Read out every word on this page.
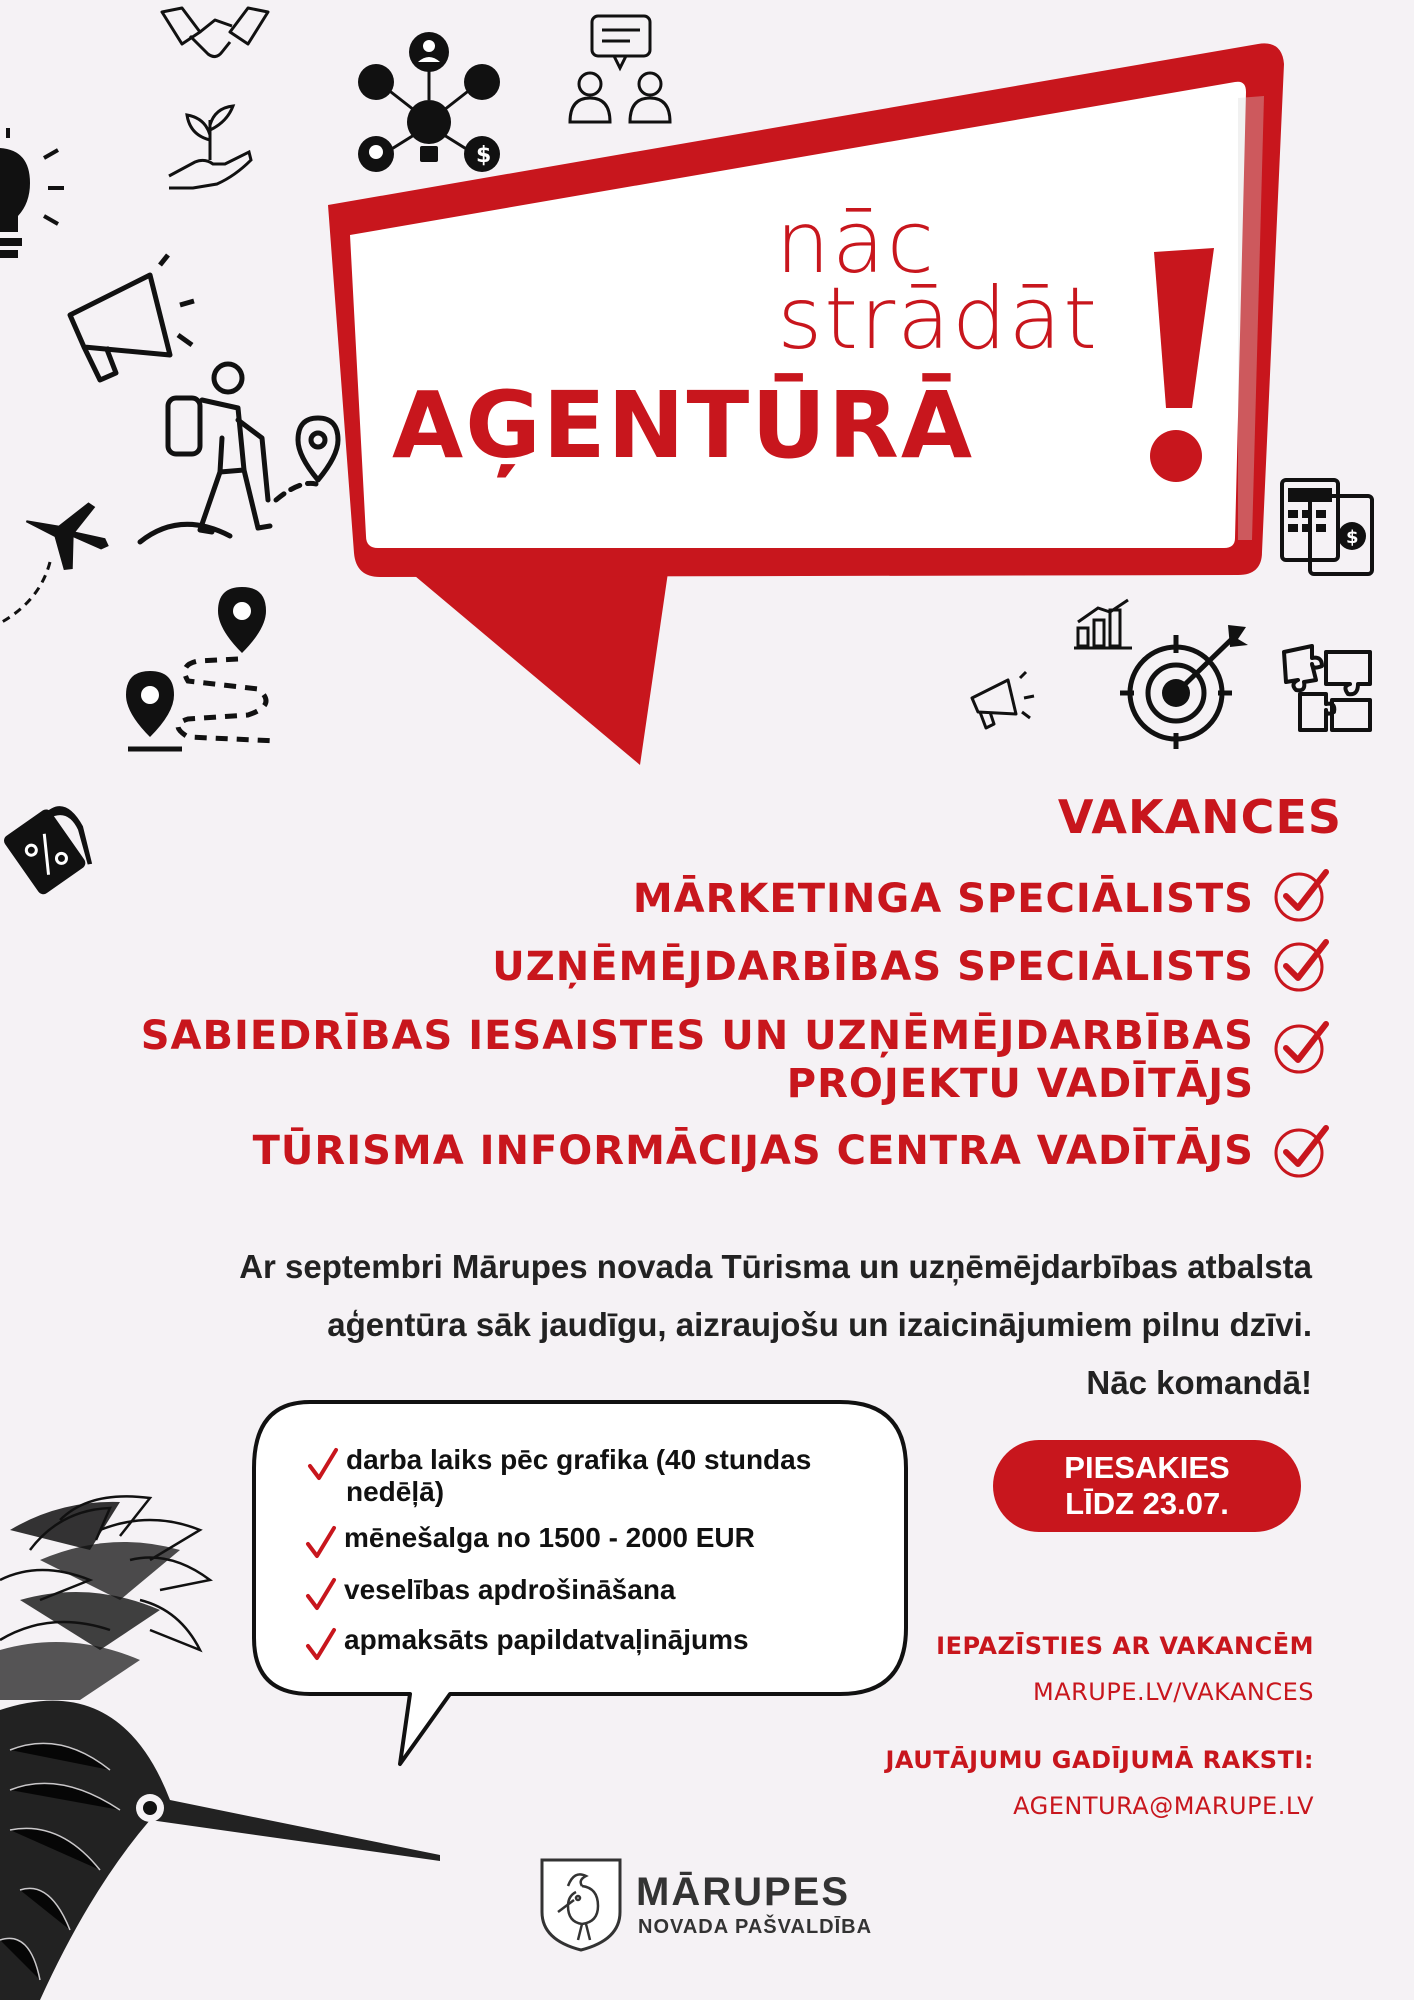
$
$
nāc
strādāt
AĢENTŪRĀ
VAKANCES
MĀRKETINGA SPECIĀLISTS
UZŅĒMĒJDARBĪBAS SPECIĀLISTS
SABIEDRĪBAS IESAISTES UN UZŅĒMĒJDARBĪBAS
PROJEKTU VADĪTĀJS
TŪRISMA INFORMĀCIJAS CENTRA VADĪTĀJS
Ar septembri Mārupes novada Tūrisma un uzņēmējdarbības atbalsta
aģentūra sāk jaudīgu, aizraujošu un izaicinājumiem pilnu dzīvi.
Nāc komandā!
darba laiks pēc grafika (40 stundas
nedēļā)
mēnešalga no 1500 - 2000 EUR
veselības apdrošināšana
apmaksāts papildatvaļinājums
PIESAKIES
LĪDZ 23.07.
IEPAZĪSTIES AR VAKANCĒM
MARUPE.LV/VAKANCES
JAUTĀJUMU GADĪJUMĀ RAKSTI:
AGENTURA@MARUPE.LV
MĀRUPES
NOVADA PAŠVALDĪBA
